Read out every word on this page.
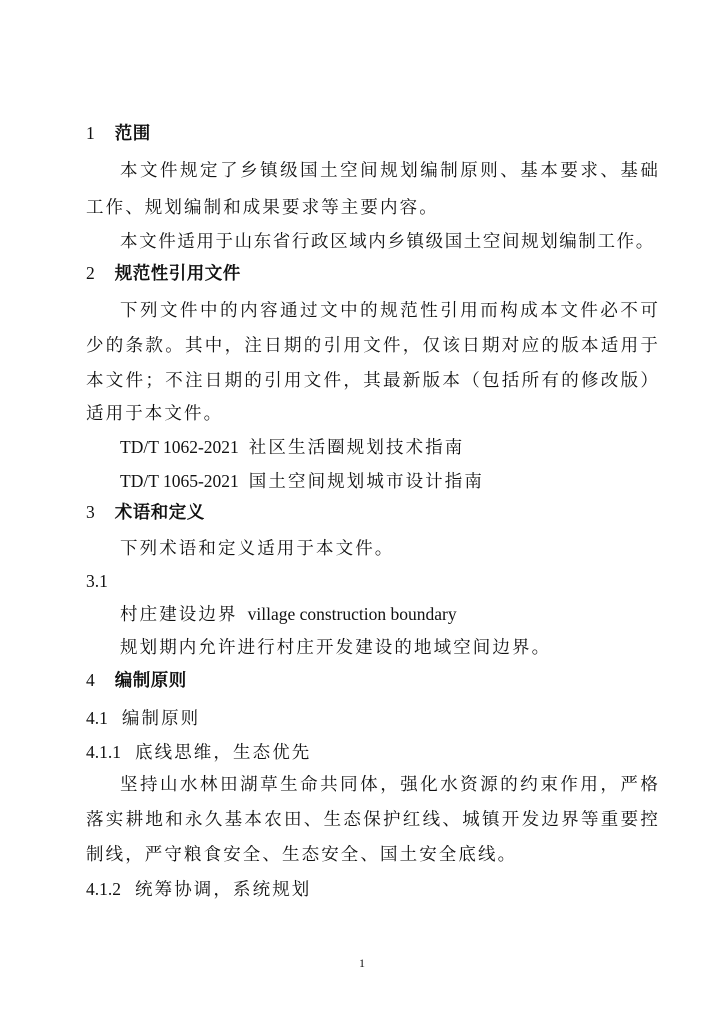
1 范围
本文件规定了乡镇级国土空间规划编制原则、基本要求、基础
工作、规划编制和成果要求等主要内容。
本文件适用于山东省行政区域内乡镇级国土空间规划编制工作。
2 规范性引用文件
下列文件中的内容通过文中的规范性引用而构成本文件必不可
少的条款。其中，注日期的引用文件，仅该日期对应的版本适用于
本文件；不注日期的引用文件，其最新版本（包括所有的修改版）
适用于本文件。
TD/T 1062-2021 社区生活圈规划技术指南
TD/T 1065-2021 国土空间规划城市设计指南
3 术语和定义
下列术语和定义适用于本文件。
3.1
村庄建设边界 village construction boundary
规划期内允许进行村庄开发建设的地域空间边界。
4 编制原则
4.1 编制原则
4.1.1 底线思维，生态优先
坚持山水林田湖草生命共同体，强化水资源的约束作用，严格
落实耕地和永久基本农田、生态保护红线、城镇开发边界等重要控
制线，严守粮食安全、生态安全、国土安全底线。
4.1.2 统筹协调，系统规划
1
